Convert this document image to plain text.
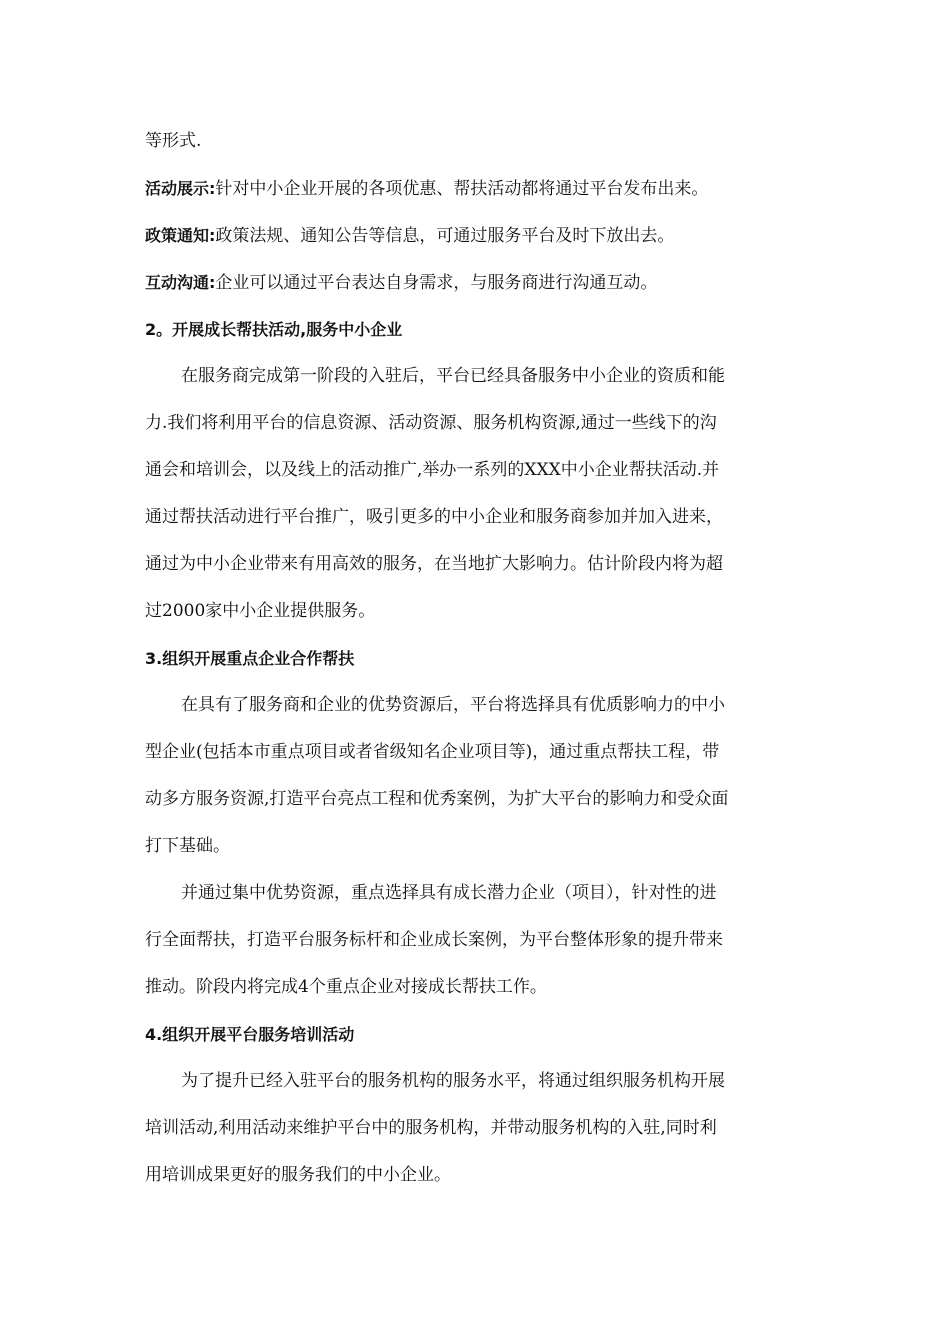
等形式.
活动展示:针对中小企业开展的各项优惠、帮扶活动都将通过平台发布出来。
政策通知:政策法规、通知公告等信息，可通过服务平台及时下放出去。
互动沟通:企业可以通过平台表达自身需求，与服务商进行沟通互动。
2。开展成长帮扶活动,服务中小企业
在服务商完成第一阶段的入驻后，平台已经具备服务中小企业的资质和能
力.我们将利用平台的信息资源、活动资源、服务机构资源,通过一些线下的沟
通会和培训会，以及线上的活动推广,举办一系列的XXX中小企业帮扶活动.并
通过帮扶活动进行平台推广，吸引更多的中小企业和服务商参加并加入进来，
通过为中小企业带来有用高效的服务，在当地扩大影响力。估计阶段内将为超
过2000家中小企业提供服务。
3.组织开展重点企业合作帮扶
在具有了服务商和企业的优势资源后，平台将选择具有优质影响力的中小
型企业(包括本市重点项目或者省级知名企业项目等)，通过重点帮扶工程，带
动多方服务资源,打造平台亮点工程和优秀案例，为扩大平台的影响力和受众面
打下基础。
并通过集中优势资源，重点选择具有成长潜力企业（项目），针对性的进
行全面帮扶，打造平台服务标杆和企业成长案例，为平台整体形象的提升带来
推动。阶段内将完成4个重点企业对接成长帮扶工作。
4.组织开展平台服务培训活动
为了提升已经入驻平台的服务机构的服务水平，将通过组织服务机构开展
培训活动,利用活动来维护平台中的服务机构，并带动服务机构的入驻,同时利
用培训成果更好的服务我们的中小企业。
